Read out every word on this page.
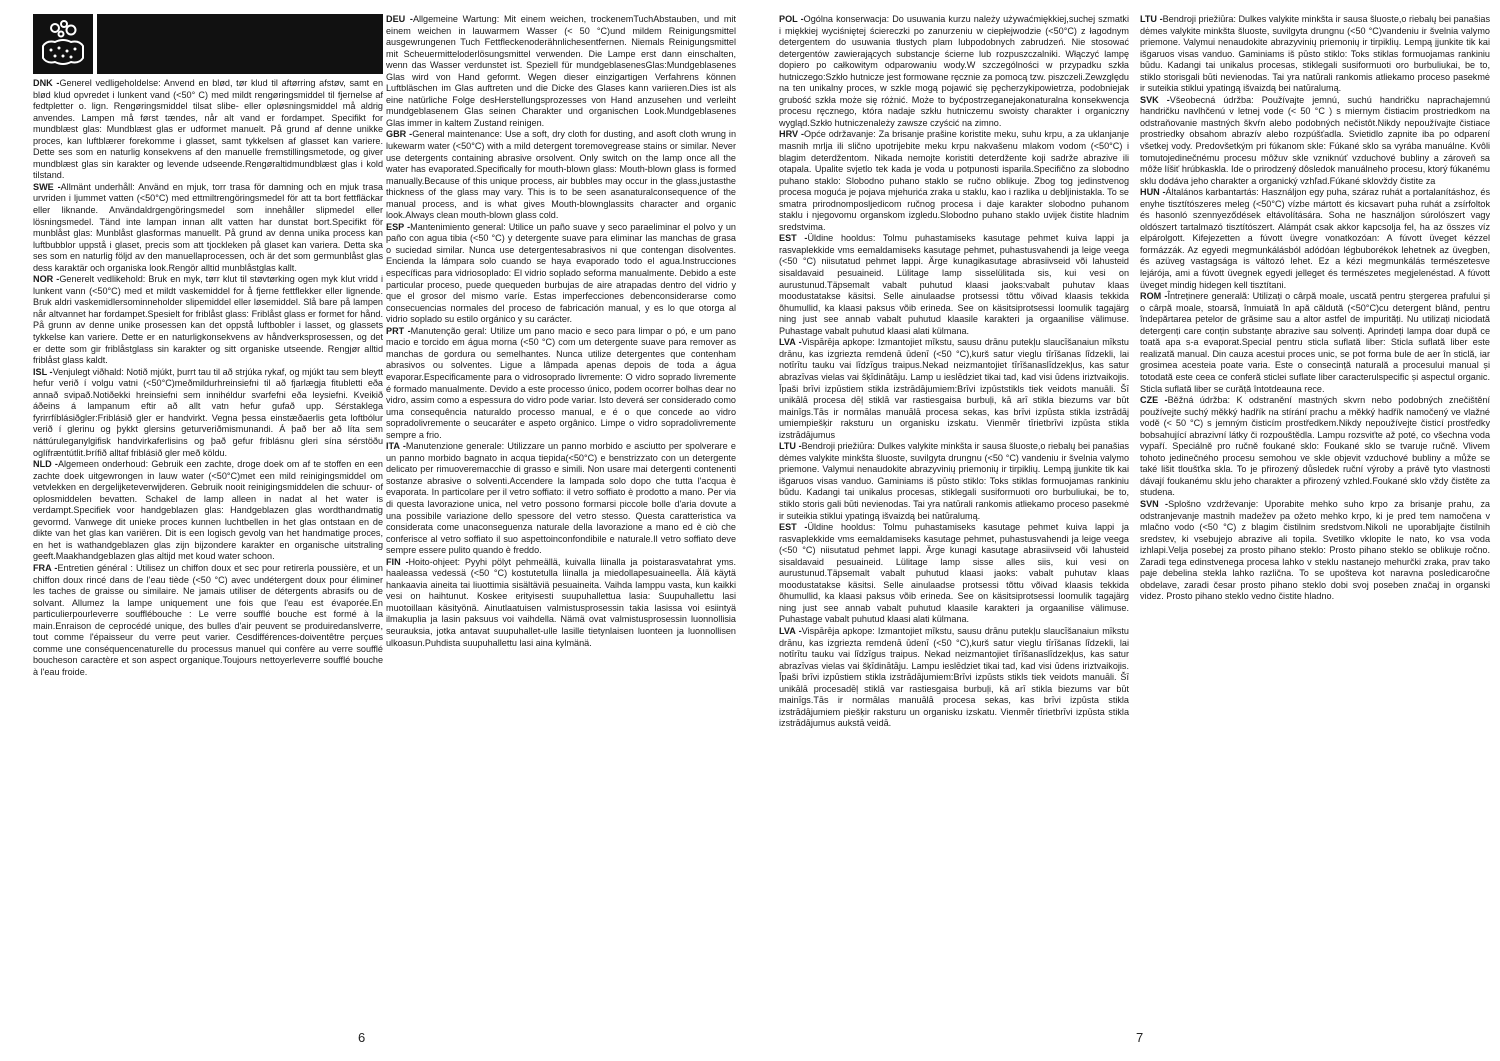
DNK -Generel vedligeholdelse: Anvend en blød, tør klud til aftørring afstøv, samt en blød klud opvredet i lunkent vand (<50° C) med mildt rengøringsmiddel til fjernelse af fedtpletter o. lign. Rengøringsmiddel tilsat slibe- eller opløsningsmiddel må aldrig anvendes. Lampen må først tændes, når alt vand er fordampet. Specifikt for mundblæst glas: Mundblæst glas er udformet manuelt. På grund af denne unikke proces, kan luftblærer forekomme i glasset, samt tykkelsen af glasset kan variere. Dette ses som en naturlig konsekvens af den manuelle fremstillingsmetode, og giver mundblæst glas sin karakter og levende udseende.Rengøraltidmundblæst glas i kold tilstand.

SWE -Allmänt underhåll: Använd en mjuk, torr trasa för damning och en mjuk trasa urvriden i ljummet vatten (<50°C) med ettmiltrengöringsmedel för att ta bort fettfläckar eller liknande. Användaldrgengöringsmedel som innehåller slipmedel eller lösningsmedel. Tänd inte lampan innan allt vatten har dunstat bort.Specifikt för munblåst glas: Munblåst glasformas manuellt. På grund av denna unika process kan luftbubblor uppstå i glaset, precis som att tjockleken på glaset kan variera. Detta ska ses som en naturlig följd av den manuellaprocessen, och är det som germunblåst glas dess karaktär och organiska look.Rengör alltid munblåstglas kallt.

NOR -Generelt vedlikehold: Bruk en myk, tørr klut til støvtørking ogen myk klut vridd i lunkent vann (<50°C) med et mildt vaskemiddel for å fjerne fettflekker eller lignende. Bruk aldri vaskemidlersominneholder slipemiddel eller løsemiddel. Slå bare på lampen når altvannet har fordampet.Spesielt for friblåst glass: Friblåst glass er formet for hånd. På grunn av denne unike prosessen kan det oppstå luftbobler i lasset, og glassets tykkelse kan variere. Dette er en naturligkonsekvens av håndverksprosessen, og det er dette som gir friblåstglass sin karakter og sitt organiske utseende. Rengjør alltid friblåst glass kaldt.

ISL -Venjulegt viðhald: Notið mjúkt, þurrt tau til að strjúka rykaf, og mjúkt tau sem bleytt hefur verið í volgu vatni (<50°C)meðmildurhreinsiefni til að fjarlægja fitubletti eða annað svipað.Notiðekki hreinsiefni sem innihéldur svarfefni eða leysiefni. Kveikið áðeins á lampanum eftir að allt vatn hefur gufað upp. Sérstaklega fyrirrfíblásiðgler:Friblásið gler er handvirkt. Vegna þessa einstæðaerlis geta loftbólur verið í glerinu og þykkt glersins geturveriðmismunandi. Á það ber að líta sem náttúruleganylgifisk handvirkaferlisins og það gefur friblásnu gleri sína sérstöðu oglífræntútlit.Þrífið alltaf friblásið gler með köldu.

NLD -Algemeen onderhoud: Gebruik een zachte, droge doek om af te stoffen en een zachte doek uitgewrongen in lauw water (<50°C)met een mild reinigingsmiddel om vetvlekken en dergelijketeverwijderen. Gebruik nooit reinigingsmiddelen die schuur- of oplosmiddelen bevatten. Schakel de lamp alleen in nadat al het water is verdampt.Specifiek voor handgeblazen glas: Handgeblazen glas wordthandmatig gevormd. Vanwege dit unieke proces kunnen luchtbellen in het glas ontstaan en de dikte van het glas kan variëren. Dit is een logisch gevolg van het handmatige proces, en het is wathandgeblazen glas zijn bijzondere karakter en organische uitstraling geeft.Maakhandgeblazen glas altijd met koud water schoon.

FRA -Entretien général : Utilisez un chiffon doux et sec pour retirerla poussière, et un chiffon doux rincé dans de l'eau tiède (<50 °C) avec undétergent doux pour éliminer les taches de graisse ou similaire. Ne jamais utiliser de détergents abrasifs ou de solvant. Allumez la lampe uniquement une fois que l'eau est évaporée.En particulierpourleverre soufflébouche : Le verre soufflé bouche est formé à la main.Enraison de ceprocédé unique, des bulles d'air peuvent se produiredanslverre, tout comme l'épaisseur du verre peut varier. Cesdifférences-doiventêtre perçues comme une conséquencenaturelle du processus manuel qui confère au verre soufflé boucheson caractère et son aspect organique.Toujours nettoyerleverre soufflé bouche à l'eau froide.

DEU -Allgemeine Wartung: Mit einem weichen, trockenemTuchAbstauben, und mit einem weichen in lauwarmem Wasser (< 50 °C)und mildem Reinigungsmittel ausgewrungenen Tuch Fettfleckenoderähnlichesentfernen. Niemals Reinigungsmittel mit Scheuermitteloderlösungsmittel verwenden. Die Lampe erst dann einschalten, wenn das Wasser verdunstet ist. Speziell für mundgeblasenesGlas:Mundgeblasenes Glas wird von Hand geformt. Wegen dieser einzigartigen Verfahrens können Luftbläschen im Glas auftreten und die Dicke des Glases kann variieren.Dies ist als eine natürliche Folge desHerstellungsprozesses von Hand anzusehen und verleiht mundgeblasenem Glas seinen Charakter und organischen Look.Mundgeblasenes Glas immer in kaltem Zustand reinigen.

GBR -General maintenance: Use a soft, dry cloth for dusting, and asoft cloth wrung in lukewarm water (<50°C) with a mild detergent toremovegrease stains or similar. Never use detergents containing abrasive orsolvent. Only switch on the lamp once all the water has evaporated.Specifically for mouth-blown glass: Mouth-blown glass is formed manually.Because of this unique process, air bubbles may occur in the glass,justasthe thickness of the glass may vary. This is to be seen asanaturalconsequence of the manual process, and is what gives Mouth-blownglassits character and organic look.Always clean mouth-blown glass cold.

ESP -Mantenimiento general: Utilice un paño suave y seco paraeliminar el polvo y un paño con agua tibia (<50 °C) y detergente suave para eliminar las manchas de grasa o suciedad similar. Nunca use detergentesabrasivos ni que contengan disolventes. Encienda la lámpara solo cuando se haya evaporado todo el agua.Instrucciones específicas para vidriosoplado: El vidrio soplado seforma manualmente. Debido a este particular proceso, puede quequeden burbujas de aire atrapadas dentro del vidrio y que el grosor del mismo varíe. Estas imperfecciones debenconsiderarse como consecuencias normales del proceso de fabricación manual, y es lo que otorga al vidrio soplado su estilo orgánico y su carácter.

PRT -Manutenção geral: Utilize um pano macio e seco para limpar o pó, e um pano macio e torcido em água morna (<50 °C) com um detergente suave para remover as manchas de gordura ou semelhantes. Nunca utilize detergentes que contenham abrasivos ou solventes. Ligue a lâmpada apenas depois de toda a água evaporar.Especificamente para o vidrosoprado livremente: O vidro soprado livremente é formado manualmente. Devido a este processo único, podem ocorrer bolhas dear no vidro, assim como a espessura do vidro pode variar. Isto deverá ser considerado como uma consequência naturaldo processo manual, e é o que concede ao vidro sopradolivremente o seucaráter e aspeto orgânico. Limpe o vidro sopradolivremente sempre a frio.

ITA -Manutenzione generale: Utilizzare un panno morbido e asciutto per spolverare e un panno morbido bagnato in acqua tiepida(<50°C) e benstrizzato con un detergente delicato per rimuoveremacchie di grasso e simili. Non usare mai detergenti contenenti sostanze abrasive o solventi.Accendere la lampada solo dopo che tutta l'acqua è evaporata. In particolare per il vetro soffiato: il vetro soffiato è prodotto a mano. Per via di questa lavorazione unica, nel vetro possono formarsi piccole bolle d'aria dovute a una possibile variazione dello spessore del vetro stesso. Questa caratteristica va considerata come unaconseguenza naturale della lavorazione a mano ed è ciò che conferisce al vetro soffiato il suo aspettoinconfondibile e naturale.Il vetro soffiato deve sempre essere pulito quando è freddo.

FIN -Hoito-ohjeet: Pyyhi pölyt pehmeällä, kuivalla liinalla ja poistarasvatahrat yms. haaleassa vedessä (<50 °C) kostutetulla liinalla ja miedollapesuaineella. Älä käytä hankaavia aineita tai liuottimia sisältäviä pesuaineita. Vaihda lamppu vasta, kun kaikki vesi on haihtunut. Koskee erityisesti suupuhallettua lasia: Suupuhallettu lasi muotoillaan käsityönä. Ainutlaatuisen valmistusprosessin takia lasissa voi esiintyä ilmakuplia ja lasin paksuus voi vaihdella. Nämä ovat valmistusprosessin luonnollisia seurauksia, jotka antavat suupuhallet-ulle lasille tietynlaisen luonteen ja luonnollisen ulkoasun.Puhdista suupuhallettu lasi aina kylmänä.

POL -Ogólna konserwacja: Do usuwania kurzu należy używaćmiękkiej,suchej szmatki i miękkiej wyciśniętej ściereczki po zanurzeniu w ciepłejwodzie (<50°C) z łagodnym detergentem do usuwania tłustych plam lubpodobnych zabrudzeń. Nie stosować detergentów zawierających substancje ścierne lub rozpuszczalniki. Włączyć lampę dopiero po całkowitym odparowaniu wody.W szczególności w przypadku szkła hutniczego:Szkło hutnicze jest formowane ręcznie za pomocą tzw. piszczeli.Zewzględu na ten unikalny proces, w szkle mogą pojawić się pęcherzykipowietrza, podobniejak grubość szkła może się różnić. Może to byćpostrzeganejakonaturalna konsekwencja procesu ręcznego, która nadaje szkłu hutniczemu swoisty charakter i organiczny wygląd.Szkło hutniczenależy zawsze czyścić na zimno.

HRV -Opće održavanje: Za brisanje prašine koristite meku, suhu krpu, a za uklanjanje masnih mrlja ili slično upotrijebite meku krpu nakvašenu mlakom vodom (<50°C) i blagim deterdžentom. Nikada nemojte koristiti deterdžente koji sadrže abrazive ili otapala. Upalite svjetlo tek kada je voda u potpunosti isparila.Specifično za slobodno puhano staklo: Slobodno puhano staklo se ručno oblikuje. Zbog tog jedinstvenog procesa moguća je pojava mjehurića zraka u staklu, kao i razlika u debljinistakla. To se smatra prirodnomposljedicom ručnog procesa i daje karakter slobodno puhanom staklu i njegovomu organskom izgledu.Slobodno puhano staklo uvijek čistite hladnim sredstvima.

EST -Üldine hooldus: Tolmu puhastamiseks kasutage pehmet kuiva lappi ja rasvaplekkide vms eemaldamiseks kasutage pehmet, puhastusvahendi ja leige veega (<50 °C) niisutatud pehmet lappi. Ärge kunagikasutage abrasiivseid või lahusteid sisaldavaid pesuaineid. Lülitage lamp sisselülitada sis, kui vesi on aurustunud.Täpsemalt vabalt puhutud klaasi jaoks:vabalt puhutav klaas moodustatakse käsitsi. Selle ainulaadse protsessi tõttu võivad klaasis tekkida õhumullid, ka klaasi paksus võib erineda. See on käsitsiprotsessi loomulik tagajärg ning just see annab vabalt puhutud klaasile karakteri ja orgaanilise välimuse. Puhastage vabalt puhutud klaasi alati külmana.

LVA -Vispārēja apkope: Izmantojiet mīkstu, sausu drānu putekļu slaucīšanaiun mīkstu drānu, kas izgriezta remdenā ūdenī (<50 °C),kurš satur vieglu tīrīšanas līdzekli, lai notīrītu tauku vai līdzīgus traipus.Nekad neizmantojiet tīrīšanaslīdzekļus, kas satur abrazīvas vielas vai šķīdinātāju. Lamp u ieslēdziet tikai tad, kad visi ūdens iriztvaikojis. Īpaši brīvi izpūstiem stikla izstrādājumiem:Brīvi izpūststikls tiek veidots manuāli. Šī unikālā procesa dēļ stiklā var rastiesgaisa burbuļi, kā arī stikla biezums var būt mainīgs.Tās ir normālas manuālā procesa sekas, kas brīvi izpūsta stikla izstrādāj umiempiešķir raksturu un organisku izskatu. Vienmēr tīrietbrīvi izpūsta stikla izstrādājumus

LTU -Bendroji priežiūra: Dulkes valykite minkšta ir sausa šluoste,o riebalų bei panašias dėmes valykite minkšta šluoste, suvilgyta drungnu (<50 °C) vandeniu ir švelnia valymo priemone. Valymui nenaudokite abrazyvinių priemonių ir tirpiklių. Lempą įjunkite tik kai išgaruos visas vanduo. Gaminiams iš pūsto stiklo: Toks stiklas formuojamas rankiniu būdu. Kadangi tai unikalus procesas, stiklegali susiformuoti oro burbuliukai, be to, stiklo storis gali būti nevienodas. Tai yra natūrali rankomis atliekamo proceso pasekmė ir suteikia stiklui ypatingą išvaizdą bei natūralumą.

EST -Üldine hooldus: Tolmu puhastamiseks kasutage pehmet kuiva lappi ja rasvaplekkide vms eemaldamiseks kasutage pehmet, puhastusvahendi ja leige veega (<50 °C) niisutatud pehmet lappi. Ärge kunagi kasutage abrasiivseid või lahusteid sisaldavaid pesuaineid. Lülitage lamp sisse alles siis, kui vesi on aurustunud.Täpsemalt vabalt puhutud klaasi jaoks: vabalt puhutav klaas moodustatakse käsitsi. Selle ainulaadse protsessi tõttu võivad klaasis tekkida õhumullid, ka klaasi paksus võib erineda. See on käsitsiprotsessi loomulik tagajärg ning just see annab vabalt puhutud klaasile karakteri ja orgaanilise välimuse. Puhastage vabalt puhutud klaasi alati külmana.

LVA -Vispārēja apkope: Izmantojiet mīkstu, sausu drānu putekļu slaucīšanaiun mīkstu drānu, kas izgriezta remdenā ūdenī (<50 °C),kurš satur vieglu tīrīšanas līdzekli, lai notīrītu tauku vai līdzīgus traipus. Nekad neizmantojiet tīrīšanaslīdzekļus, kas satur abrazīvas vielas vai šķīdinātāju. Lampu ieslēdziet tikai tad, kad visi ūdens iriztvaikojis. Īpaši brīvi izpūstiem stikla izstrādājumiem:Brīvi izpūsts stikls tiek veidots manuāli. Šī unikālā procesadēļ stiklā var rastiesgaisa burbuļi, kā arī stikla biezums var būt mainīgs.Tās ir normālas manuālā procesa sekas, kas brīvi izpūsta stikla izstrādājumiem piešķir raksturu un organisku izskatu. Vienmēr tīrietbrīvi izpūsta stikla izstrādājumus aukstā veidā.

LTU -Bendroji priežiūra: Dulkes valykite minkšta ir sausa šluoste,o riebalų bei panašias dėmes valykite minkšta šluoste, suvilgyta drungnu (<50 °C)vandeniu ir švelnia valymo priemone. Valymui nenaudokite abrazyvinių priemonių ir tirpiklių. Lempą įjunkite tik kai išgaruos visas vanduo. Gaminiams iš pūsto stiklo: Toks stiklas formuojamas rankiniu būdu. Kadangi tai unikalus procesas, stiklegali susiformuoti oro burbuliukai, be to, stiklo storisgali būti nevienodas. Tai yra natūrali rankomis atliekamo proceso pasekmė ir suteikia stiklui ypatingą išvaizdą bei natūralumą.

SVK -Všeobecná údržba: Používajte jemnú, suchú handričku naprachajemnú handričku navlhčenú v letnej vode (< 50 °C ) s miernym čistiacim prostriedkom na odstraňovanie mastných škvŕn alebo podobných nečistôt.Nikdy nepoužívajte čistiace prostriedky obsahom abrazív alebo rozpúšťadla. Svietidlo zapnite iba po odparení všetkej vody. Predovšetkým pri fúkanom skle: Fúkané sklo sa vyrába manuálne. Kvôli tomutojedinečnému procesu môžuv skle vzniknúť vzduchové bubliny a zároveň sa môže líšiť hrúbkaskla. Ide o prirodzený dôsledok manuálneho procesu, ktorý fúkanému sklu dodáva jeho charakter a organický vzhľad.Fúkané sklovždy čistite za

HUN -Általános karbantartás: Használjon egy puha, száraz ruhát a portalanításhoz, és enyhe tisztítószeres meleg (<50°C) vízbe mártott és kicsavart puha ruhát a zsírfoltok és hasonló szennyeződések eltávolítására. Soha ne használjon súrolószert vagy oldószert tartalmazó tisztítószert. Alámpát csak akkor kapcsolja fel, ha az összes víz elpárolgott. Kifejezetten a fúvott üvegre vonatkozóan: A fúvott üveget kézzel formázzák. Az egyedi megmunkálásból adódóan légbuborékok lehetnek az üvegben, és azüveg vastagsága is változó lehet. Ez a kézi megmunkálás természetesve lejárója, ami a fúvott üvegnek egyedi jelleget és természetes megjelenéstad. A fúvott üveget mindig hidegen kell tisztítani.

ROM -Întreținere generală: Utilizați o cârpă moale, uscată pentru ștergerea prafului și o cârpă moale, stoarsă, înmuiată în apă căldută (<50°C)cu detergent blând, pentru îndepărtarea petelor de grăsime sau a altor astfel de impurități. Nu utilizați niciodată detergenți care conțin substanțe abrazive sau solvenți. Aprindeți lampa doar după ce toată apa s-a evaporat.Special pentru sticla suflată liber: Sticla suflată liber este realizată manual. Din cauza acestui proces unic, se pot forma bule de aer în sticlă, iar grosimea acesteia poate varia. Este o consecință naturală a procesului manual și totodată este ceea ce conferă sticlei suflate liber caracterulspecific și aspectul organic. Sticla suflată liber se curăță întotdeauna rece.

CZE -Běžná údržba: K odstranění mastných skvrn nebo podobných znečištění používejte suchý měkký hadřík na stírání prachu a měkký hadřík namočený ve vlažné vodě (< 50 °C) s jemným čisticím prostředkem.Nikdy nepoužívejte čisticí prostředky bobsahující abrazivní látky či rozpouštědla. Lampu rozsviťte až poté, co všechna voda vypaří. Speciálně pro ručně foukané sklo: Foukané sklo se tvaruje ručně. Vlivem tohoto jedinečného procesu semohou ve skle objevit vzduchové bubliny a může se také lišit tloušťka skla. To je přirozený důsledek ruční výroby a právě tyto vlastnosti dávají foukanému sklu jeho charakter a přirozený vzhled.Foukané sklo vždy čistěte za studena.

SVN -Splošno vzdrževanje: Uporabite mehko suho krpo za brisanje prahu, za odstranjevanje mastnih madežev pa ožeto mehko krpo, ki je pred tem namočena v mlačno vodo (<50 °C) z blagim čistilnim sredstvom.Nikoli ne uporabljajte čistilnih sredstev, ki vsebujejo abrazive ali topila. Svetilko vklopite le nato, ko vsa voda izhlapi.Velja posebej za prosto pihano steklo: Prosto pihano steklo se oblikuje ročno. Zaradi tega edinstvenega procesa lahko v steklu nastanejo mehurčki zraka, prav tako paje debelina stekla lahko različna. To se upošteva kot naravna posledicaročne obdelave, zaradi česar prosto pihano steklo dobi svoj poseben značaj in organski videz. Prosto pihano steklo vedno čistite hladno.

6	7
